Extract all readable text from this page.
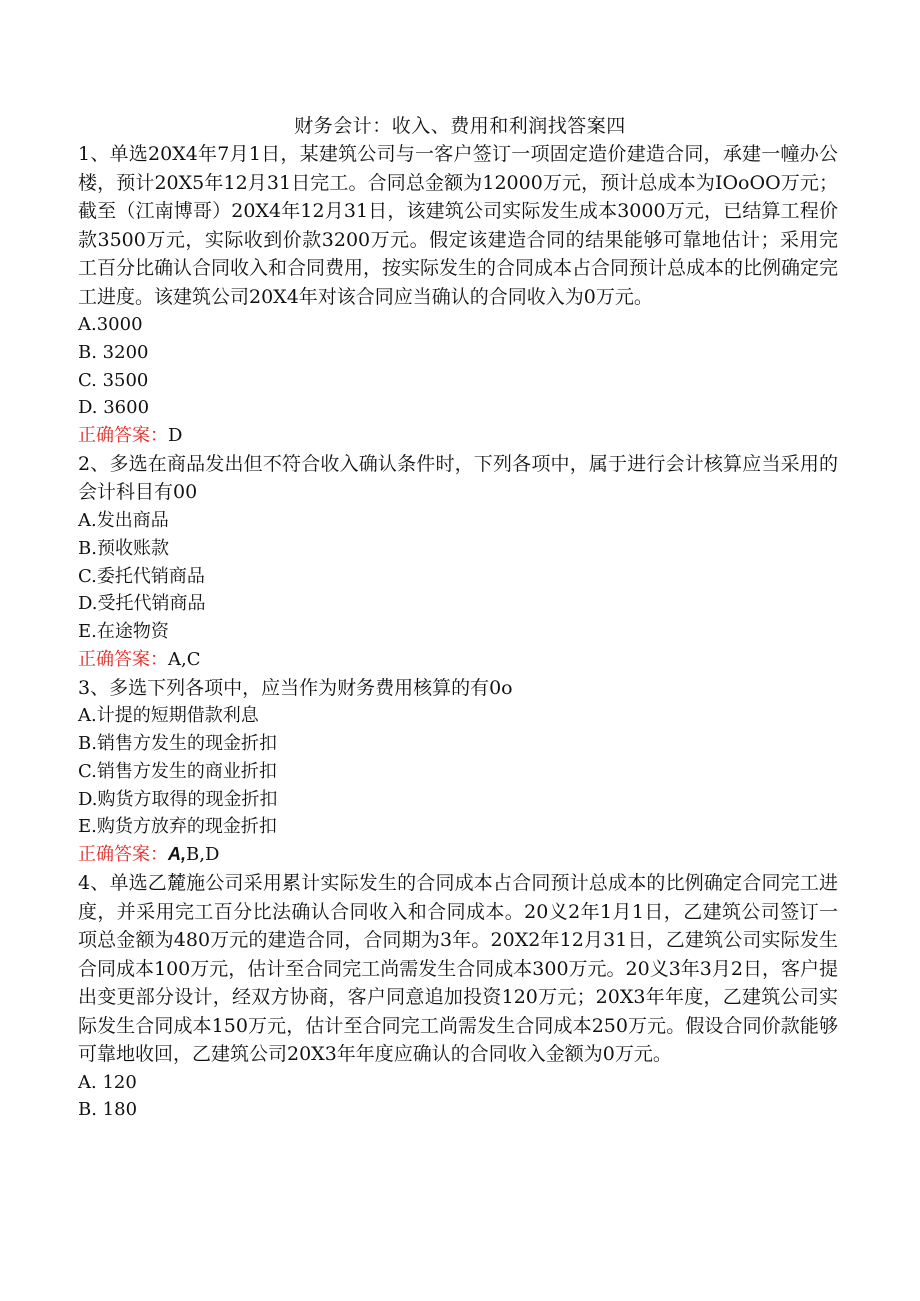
财务会计：收入、费用和利润找答案四

1、单选20X4年7月1日，某建筑公司与一客户签订一项固定造价建造合同，承建一幢办公楼，预计20X5年12月31日完工。合同总金额为12000万元，预计总成本为IOoOO万元；截至（江南博哥）20X4年12月31日，该建筑公司实际发生成本3000万元，已结算工程价款3500万元，实际收到价款3200万元。假定该建造合同的结果能够可靠地估计；采用完工百分比确认合同收入和合同费用，按实际发生的合同成本占合同预计总成本的比例确定完工进度。该建筑公司20X4年对该合同应当确认的合同收入为0万元。

A.3000

B. 3200

C. 3500

D. 3600

正确答案：D

2、多选在商品发出但不符合收入确认条件时，下列各项中，属于进行会计核算应当采用的会计科目有00

A.发出商品

B.预收账款

C.委托代销商品

D.受托代销商品

E.在途物资

正确答案：A,C

3、多选下列各项中，应当作为财务费用核算的有0o

A.计提的短期借款利息

B.销售方发生的现金折扣

C.销售方发生的商业折扣

D.购货方取得的现金折扣

E.购货方放弃的现金折扣

正确答案：A,B,D

4、单选乙麓施公司采用累计实际发生的合同成本占合同预计总成本的比例确定合同完工进度，并采用完工百分比法确认合同收入和合同成本。20义2年1月1日，乙建筑公司签订一项总金额为480万元的建造合同，合同期为3年。20X2年12月31日，乙建筑公司实际发生合同成本100万元，估计至合同完工尚需发生合同成本300万元。20义3年3月2日，客户提出变更部分设计，经双方协商，客户同意追加投资120万元；20X3年年度，乙建筑公司实际发生合同成本150万元，估计至合同完工尚需发生合同成本250万元。假设合同价款能够可靠地收回，乙建筑公司20X3年年度应确认的合同收入金额为0万元。

A. 120

B. 180
